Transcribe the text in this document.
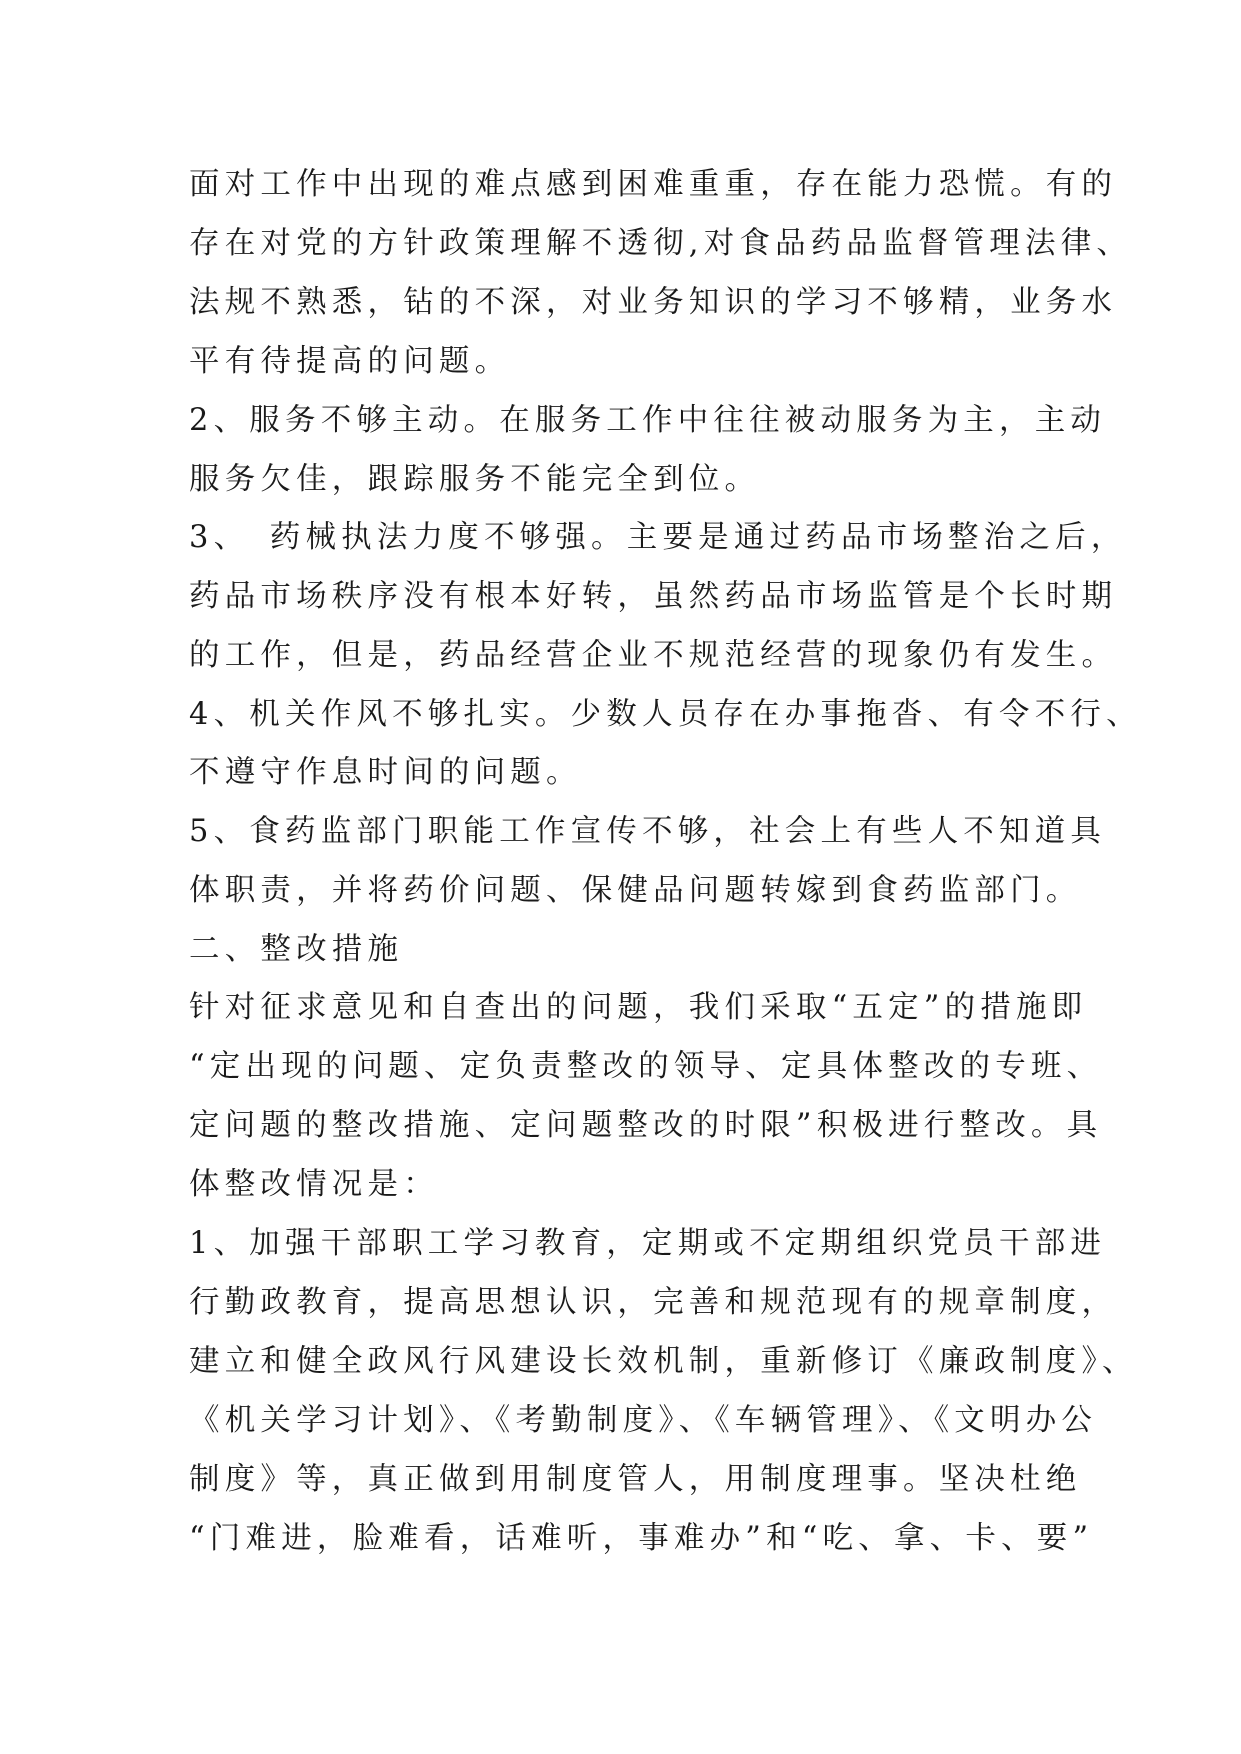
面对工作中出现的难点感到困难重重，存在能力恐慌。有的
存在对党的方针政策理解不透彻,对食品药品监督管理法律、
法规不熟悉，钻的不深，对业务知识的学习不够精，业务水
平有待提高的问题。
2、服务不够主动。在服务工作中往往被动服务为主，主动
服务欠佳，跟踪服务不能完全到位。
3、　药械执法力度不够强。主要是通过药品市场整治之后，
药品市场秩序没有根本好转，虽然药品市场监管是个长时期
的工作，但是，药品经营企业不规范经营的现象仍有发生。
4、机关作风不够扎实。少数人员存在办事拖沓、有令不行、
不遵守作息时间的问题。
5、食药监部门职能工作宣传不够，社会上有些人不知道具
体职责，并将药价问题、保健品问题转嫁到食药监部门。
二、整改措施
针对征求意见和自查出的问题，我们采取“五定”的措施即
“定出现的问题、定负责整改的领导、定具体整改的专班、
定问题的整改措施、定问题整改的时限”积极进行整改。具
体整改情况是：
1、加强干部职工学习教育，定期或不定期组织党员干部进
行勤政教育，提高思想认识，完善和规范现有的规章制度，
建立和健全政风行风建设长效机制，重新修订《廉政制度》、
《机关学习计划》、《考勤制度》、《车辆管理》、《文明办公
制度》等，真正做到用制度管人，用制度理事。坚决杜绝
“门难进，脸难看，话难听，事难办”和“吃、拿、卡、要”
